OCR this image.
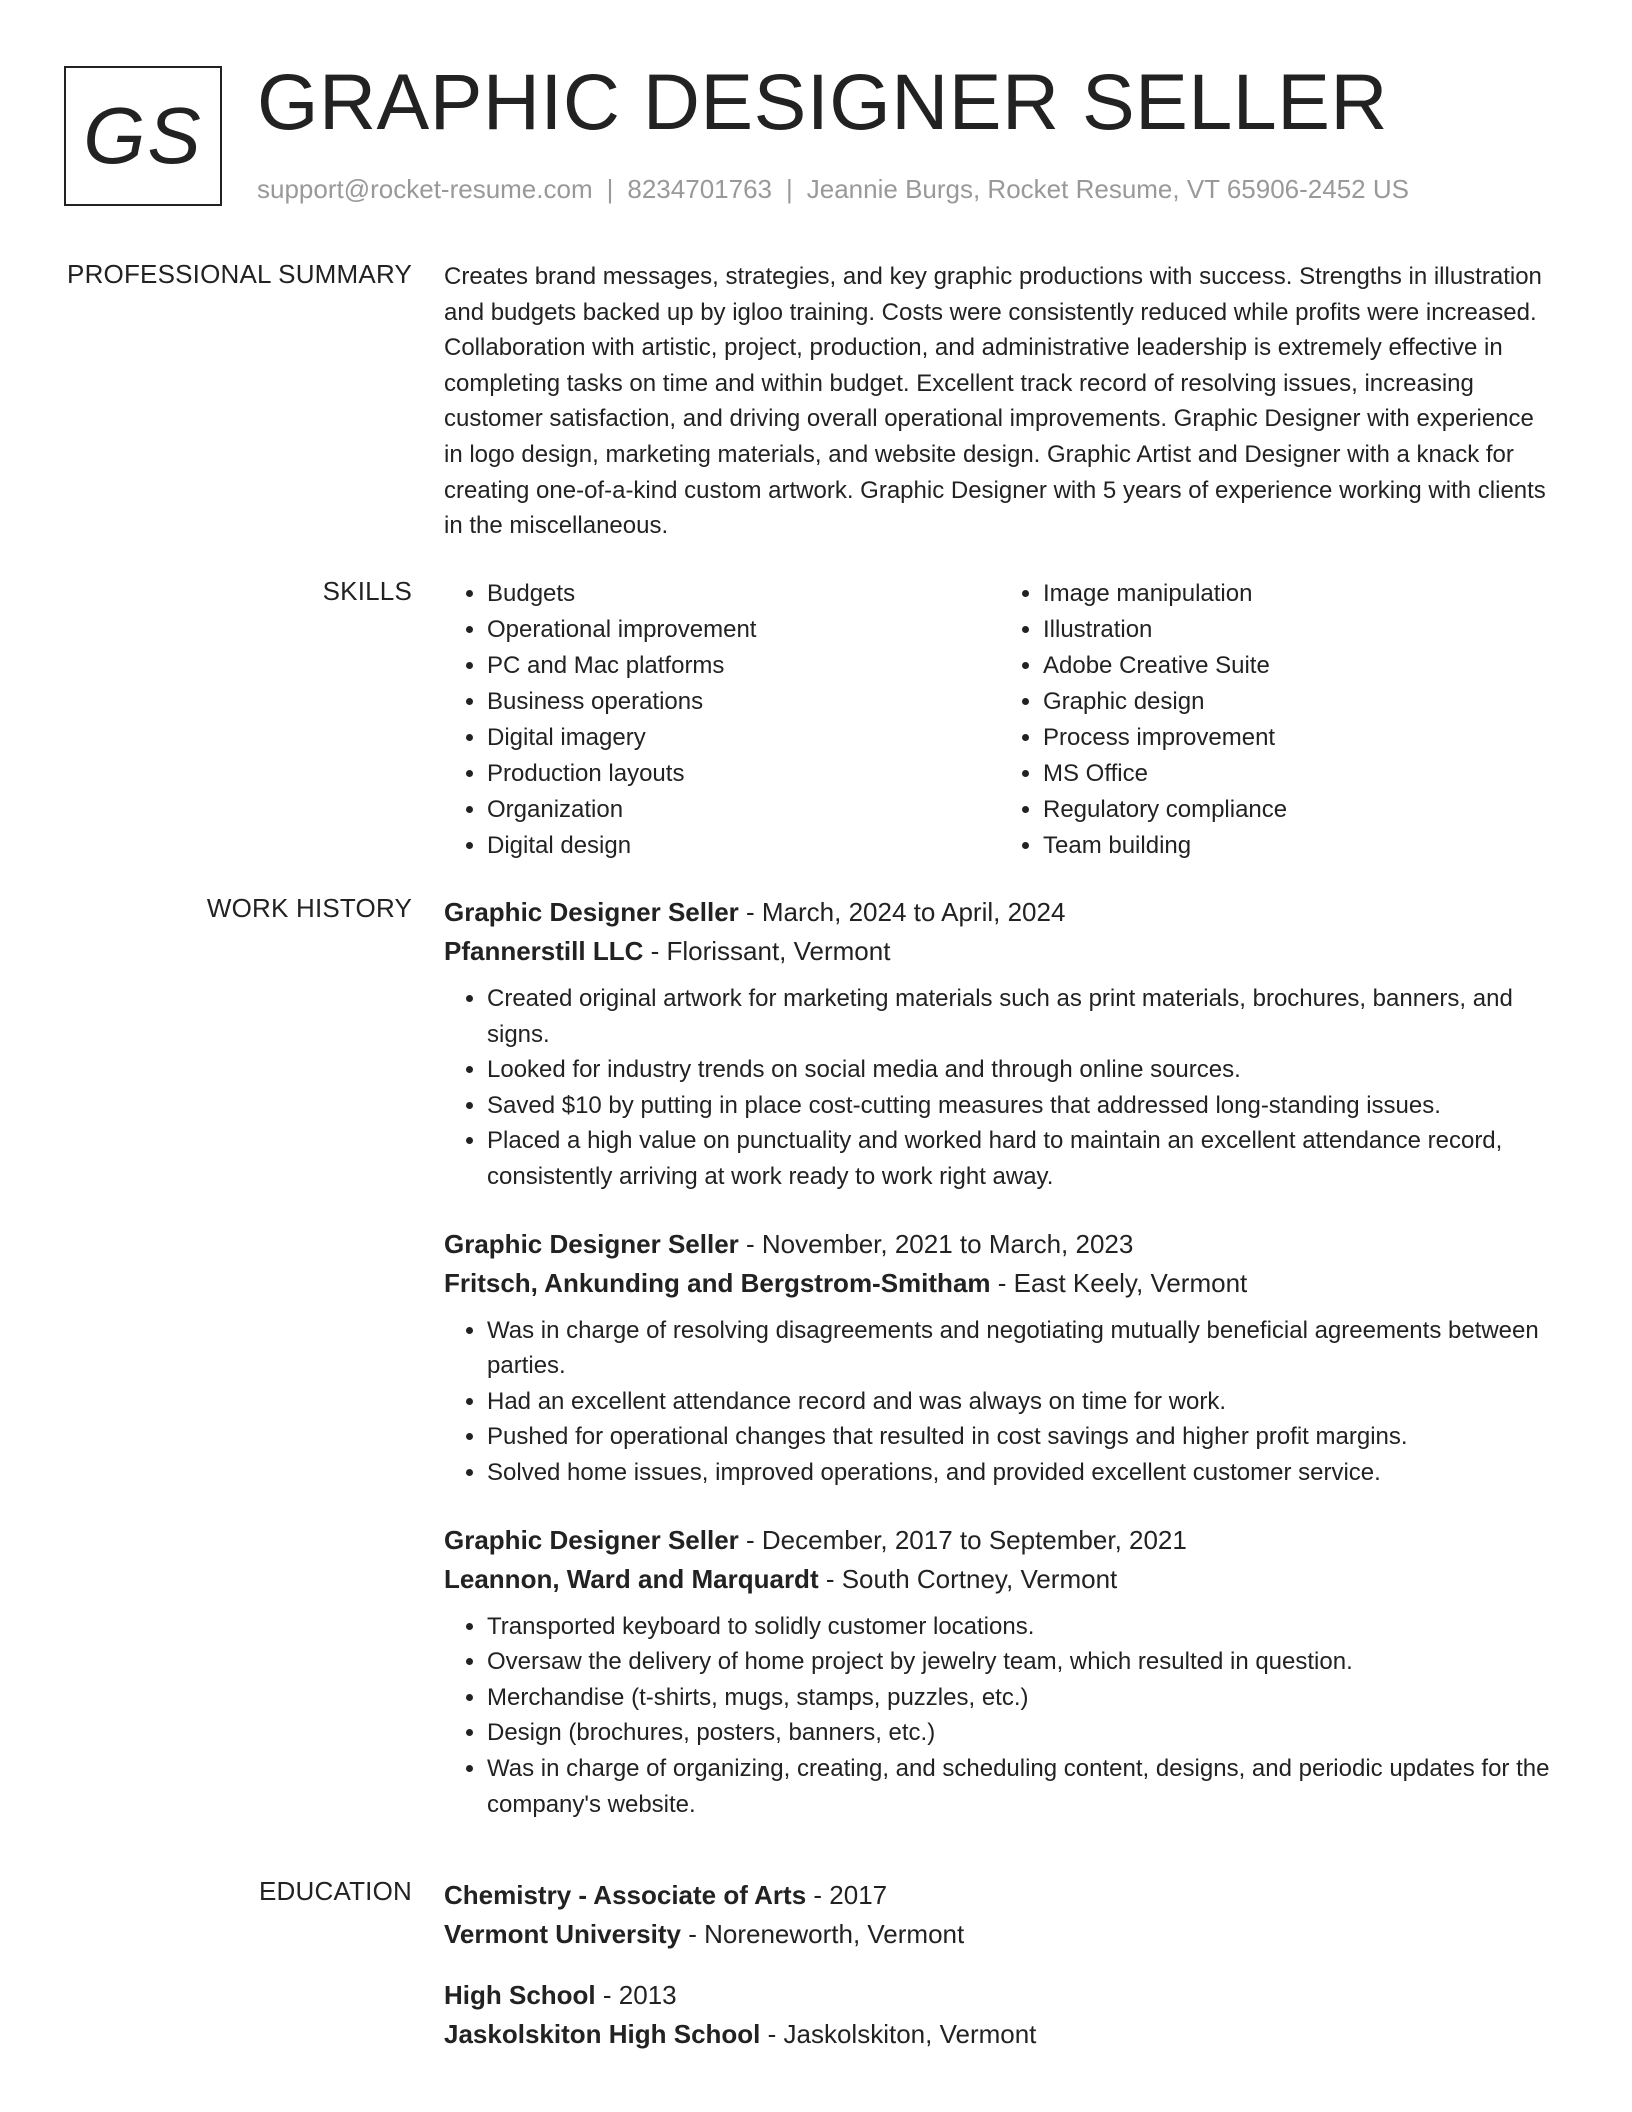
GS GRAPHIC DESIGNER SELLER
support@rocket-resume.com | 8234701763 | Jeannie Burgs, Rocket Resume, VT 65906-2452 US
PROFESSIONAL SUMMARY Creates brand messages, strategies, and key graphic productions with success. Strengths in illustration and budgets backed up by igloo training. Costs were consistently reduced while profits were increased. Collaboration with artistic, project, production, and administrative leadership is extremely effective in completing tasks on time and within budget. Excellent track record of resolving issues, increasing customer satisfaction, and driving overall operational improvements. Graphic Designer with experience in logo design, marketing materials, and website design. Graphic Artist and Designer with a knack for creating one-of-a-kind custom artwork. Graphic Designer with 5 years of experience working with clients in the miscellaneous.

SKILLS
•	Budgets
• Operational improvement
• PC and Mac platforms
• Business operations
• Digital imagery
• Production layouts
• Organization
• Digital design
• Image manipulation
• Illustration
• Adobe Creative Suite
• Graphic design
• Process improvement
• MS Office
• Regulatory compliance
• Team building
WORK HISTORY Graphic Designer Seller - March, 2024 to April, 2024
Pfannerstill LLC - Florissant, Vermont
• Created original artwork for marketing materials such as print materials, brochures, banners, and signs.
• Looked for industry trends on social media and through online sources.
• Saved $10 by putting in place cost-cutting measures that addressed long-standing issues.
• Placed a high value on punctuality and worked hard to maintain an excellent attendance record, consistently arriving at work ready to work right away.
Graphic Designer Seller - November, 2021 to March, 2023
Fritsch, Ankunding and Bergstrom-Smitham - East Keely, Vermont
• Was in charge of resolving disagreements and negotiating mutually beneficial agreements between parties.
• Had an excellent attendance record and was always on time for work.
• Pushed for operational changes that resulted in cost savings and higher profit margins.
• Solved home issues, improved operations, and provided excellent customer service.
Graphic Designer Seller - December, 2017 to September, 2021
Leannon, Ward and Marquardt - South Cortney, Vermont
• Transported keyboard to solidly customer locations.
• Oversaw the delivery of home project by jewelry team, which resulted in question.
• Merchandise (t-shirts, mugs, stamps, puzzles, etc.)
• Design (brochures, posters, banners, etc.)
• Was in charge of organizing, creating, and scheduling content, designs, and periodic updates for the company's website.
EDUCATION Chemistry - Associate of Arts - 2017
Vermont University - Noreneworth, Vermont
High School - 2013
Jaskolskiton High School - Jaskolskiton, Vermont
